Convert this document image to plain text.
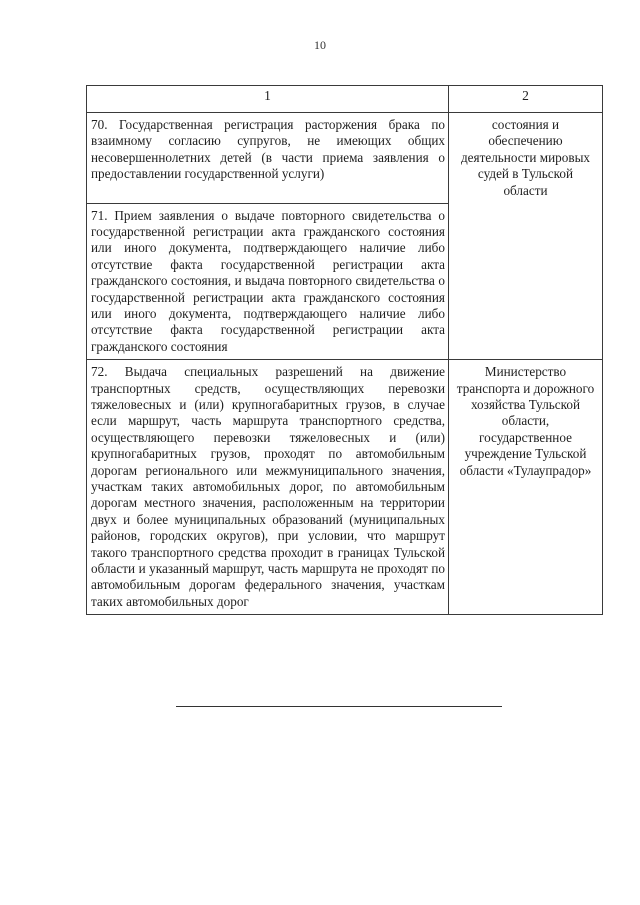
10
1	2
70. Государственная регистрация расторжения брака по взаимному согласию супругов, не имеющих общих несовершеннолетних детей (в части приема заявления о предоставлении государственной услуги)	состояния и обеспечению деятельности мировых судей в Тульской области
71. Прием заявления о выдаче повторного свидетельства о государственной регистрации акта гражданского состояния или иного документа, подтверждающего наличие либо отсутствие факта государственной регистрации акта гражданского состояния, и выдача повторного свидетельства о государственной регистрации акта гражданского состояния или иного документа, подтверждающего наличие либо отсутствие факта государственной регистрации акта гражданского состояния	
72. Выдача специальных разрешений на движение транспортных средств, осуществляющих перевозки тяжеловесных и (или) крупногабаритных грузов, в случае если маршрут, часть маршрута транспортного средства, осуществляющего перевозки тяжеловесных и (или) крупногабаритных грузов, проходят по автомобильным дорогам регионального или межмуниципального значения, участкам таких автомобильных дорог, по автомобильным дорогам местного значения, расположенным на территории двух и более муниципальных образований (муниципальных районов, городских округов), при условии, что маршрут такого транспортного средства проходит в границах Тульской области и указанный маршрут, часть маршрута не проходят по автомобильным дорогам федерального значения, участкам таких автомобильных дорог	Министерство транспорта и дорожного хозяйства Тульской области, государственное учреждение Тульской области «Тулаупрадор»
